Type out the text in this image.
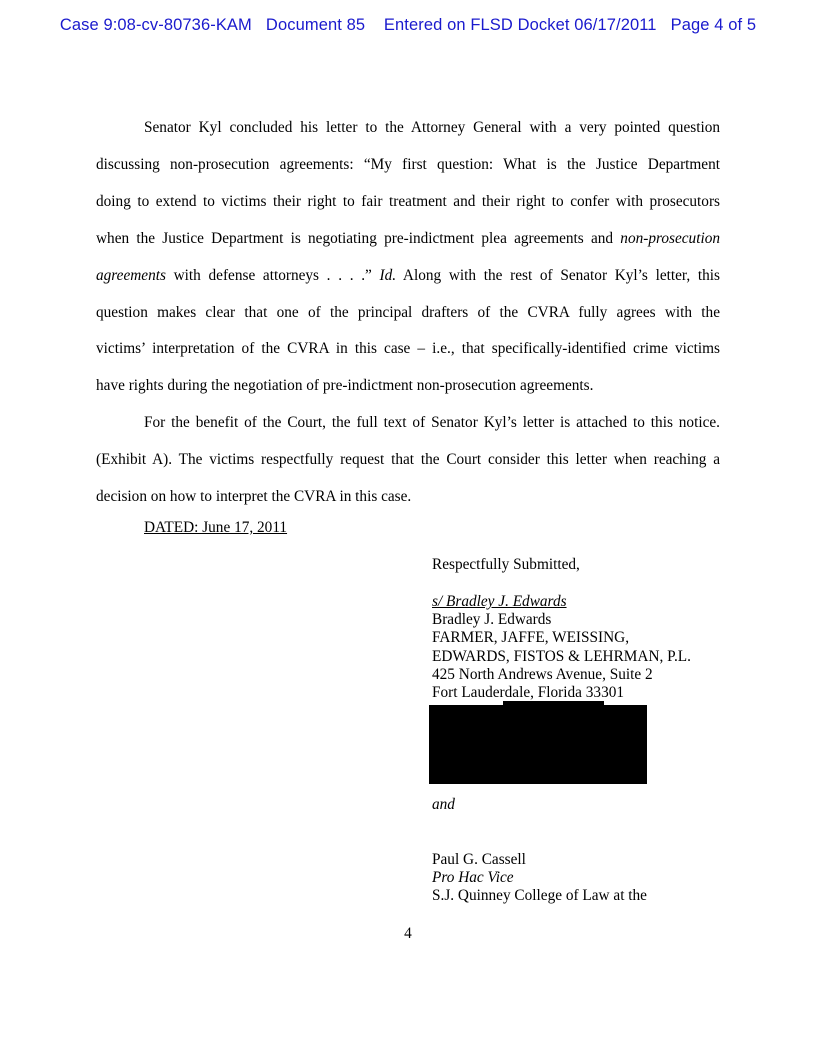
Case 9:08-cv-80736-KAM   Document 85    Entered on FLSD Docket 06/17/2011   Page 4 of 5

Senator Kyl concluded his letter to the Attorney General with a very pointed question
discussing non-prosecution agreements: “My first question: What is the Justice Department
doing to extend to victims their right to fair treatment and their right to confer with prosecutors
when the Justice Department is negotiating pre-indictment plea agreements and non-prosecution
agreements with defense attorneys . . . .” Id. Along with the rest of Senator Kyl’s letter, this
question makes clear that one of the principal drafters of the CVRA fully agrees with the
victims’ interpretation of the CVRA in this case – i.e., that specifically-identified crime victims
have rights during the negotiation of pre-indictment non-prosecution agreements.

For the benefit of the Court, the full text of Senator Kyl’s letter is attached to this notice.
(Exhibit A). The victims respectfully request that the Court consider this letter when reaching a
decision on how to interpret the CVRA in this case.

DATED: June 17, 2011
Respectfully Submitted,
s/ Bradley J. Edwards
Bradley J. Edwards
FARMER, JAFFE, WEISSING,
EDWARDS, FISTOS & LEHRMAN, P.L.
425 North Andrews Avenue, Suite 2
Fort Lauderdale, Florida 33301
and
Paul G. Cassell
Pro Hac Vice
S.J. Quinney College of Law at the
4
